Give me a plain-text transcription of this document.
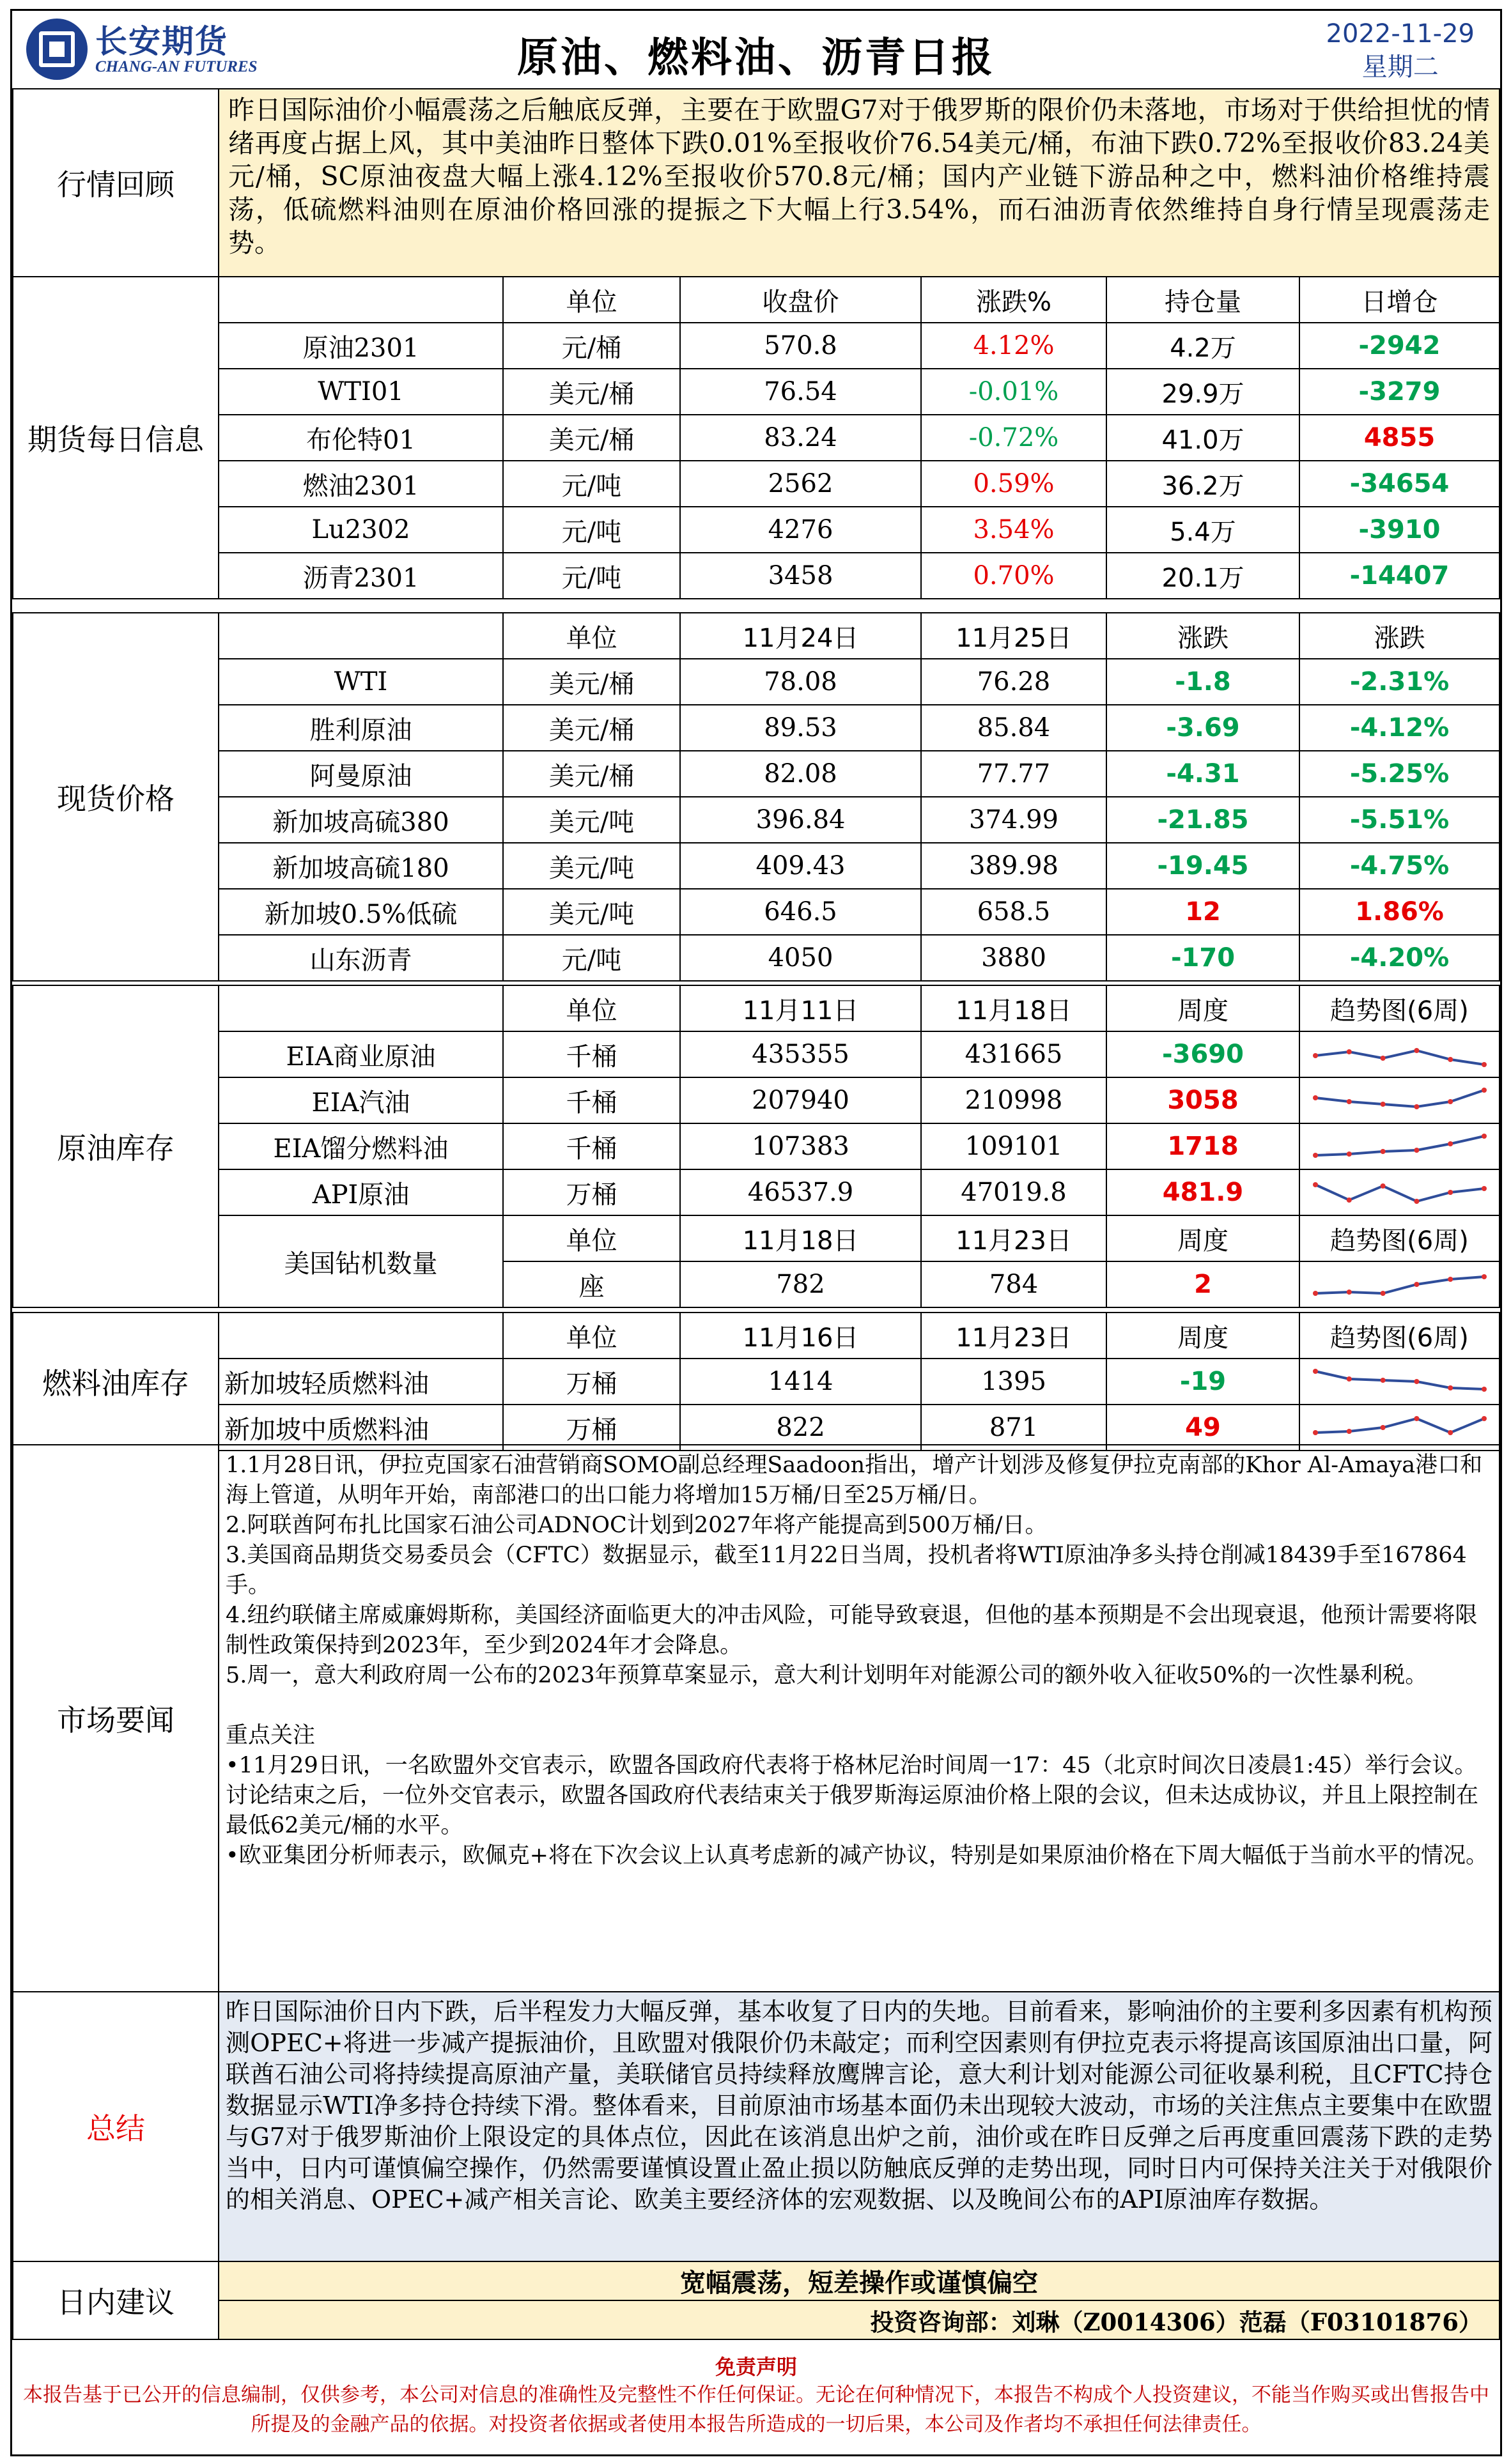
长安期货
CHANG-AN FUTURES	原油、燃料油、沥青日报
2022-11-29
星期二
行情回顾	昨日国际油价小幅震荡之后触底反弹，主要在于欧盟G7对于俄罗斯的限价仍未落地，市场对于供给担忧的情绪再度占据上风，其中美油昨日整体下跌0.01%至报收价76.54美元/桶，布油下跌0.72%至报收价83.24美元/桶，SC原油夜盘大幅上涨4.12%至报收价570.8元/桶；国内产业链下游品种之中，燃料油价格维持震荡，低硫燃料油则在原油价格回涨的提振之下大幅上行3.54%，而石油沥青依然维持自身行情呈现震荡走势。
期货每日信息		单位	收盘价	涨跌%	持仓量	日增仓
	原油2301	元/桶	570.8	4.12%	4.2万	-2942
	WTI01	美元/桶	76.54	-0.01%	29.9万	-3279
	布伦特01	美元/桶	83.24	-0.72%	41.0万	4855
	燃油2301	元/吨	2562	0.59%	36.2万	-34654
	Lu2302	元/吨	4276	3.54%	5.4万	-3910
	沥青2301	元/吨	3458	0.70%	20.1万	-14407
现货价格		单位	11月24日	11月25日	涨跌	涨跌
	WTI	美元/桶	78.08	76.28	-1.8	-2.31%
	胜利原油	美元/桶	89.53	85.84	-3.69	-4.12%
	阿曼原油	美元/桶	82.08	77.77	-4.31	-5.25%
	新加坡高硫380	美元/吨	396.84	374.99	-21.85	-5.51%
	新加坡高硫180	美元/吨	409.43	389.98	-19.45	-4.75%
	新加坡0.5%低硫	美元/吨	646.5	658.5	12	1.86%
	山东沥青	元/吨	4050	3880	-170	-4.20%
原油库存		单位	11月11日	11月18日	周度	趋势图(6周)
	EIA商业原油	千桶	435355	431665	-3690	

	EIA汽油	千桶	207940	210998	3058	

	EIA馏分燃料油	千桶	107383	109101	1718	

	API原油	万桶	46537.9	47019.8	481.9	

	美国钻机数量	单位	11月18日	11月23日	周度	趋势图(6周)
		座	782	784	2	
燃料油库存		单位	11月16日	11月23日	周度	趋势图(6周)
	新加坡轻质燃料油	万桶	1414	1395	-19	

	新加坡中质燃料油	万桶	822	871	49	
市场要闻	

1.1月28日讯，伊拉克国家石油营销商SOMO副总经理Saadoon指出，增产计划涉及修复伊拉克南部的Khor Al-Amaya港口和海上管道，从明年开始，南部港口的出口能力将增加15万桶/日至25万桶/日。

2.阿联酋阿布扎比国家石油公司ADNOC计划到2027年将产能提高到500万桶/日。

3.美国商品期货交易委员会（CFTC）数据显示，截至11月22日当周，投机者将WTI原油净多头持仓削减18439手至167864手。

4.纽约联储主席威廉姆斯称，美国经济面临更大的冲击风险，可能导致衰退，但他的基本预期是不会出现衰退，他预计需要将限制性政策保持到2023年，至少到2024年才会降息。

5.周一，意大利政府周一公布的2023年预算草案显示，意大利计划明年对能源公司的额外收入征收50%的一次性暴利税。

重点关注

•11月29日讯，一名欧盟外交官表示，欧盟各国政府代表将于格林尼治时间周一17：45（北京时间次日凌晨1:45）举行会议。讨论结束之后，一位外交官表示，欧盟各国政府代表结束关于俄罗斯海运原油价格上限的会议，但未达成协议，并且上限控制在最低62美元/桶的水平。

•欧亚集团分析师表示，欧佩克+将在下次会议上认真考虑新的减产协议，特别是如果原油价格在下周大幅低于当前水平的情况。

总结	昨日国际油价日内下跌，后半程发力大幅反弹，基本收复了日内的失地。目前看来，影响油价的主要利多因素有机构预测OPEC+将进一步减产提振油价，且欧盟对俄限价仍未敲定；而利空因素则有伊拉克表示将提高该国原油出口量，阿联酋石油公司将持续提高原油产量，美联储官员持续释放鹰牌言论，意大利计划对能源公司征收暴利税，且CFTC持仓数据显示WTI净多持仓持续下滑。整体看来，目前原油市场基本面仍未出现较大波动，市场的关注焦点主要集中在欧盟与G7对于俄罗斯油价上限设定的具体点位，因此在该消息出炉之前，油价或在昨日反弹之后再度重回震荡下跌的走势当中，日内可谨慎偏空操作，仍然需要谨慎设置止盈止损以防触底反弹的走势出现，同时日内可保持关注关于对俄限价的相关消息、OPEC+减产相关言论、欧美主要经济体的宏观数据、以及晚间公布的API原油库存数据。
日内建议	宽幅震荡，短差操作或谨慎偏空
投资咨询部：刘琳（Z0014306）范磊（F03101876）
免责声明
本报告基于已公开的信息编制，仅供参考，本公司对信息的准确性及完整性不作任何保证。无论在何种情况下，本报告不构成个人投资建议，不能当作购买或出售报告中所提及的金融产品的依据。对投资者依据或者使用本报告所造成的一切后果，本公司及作者均不承担任何法律责任。
